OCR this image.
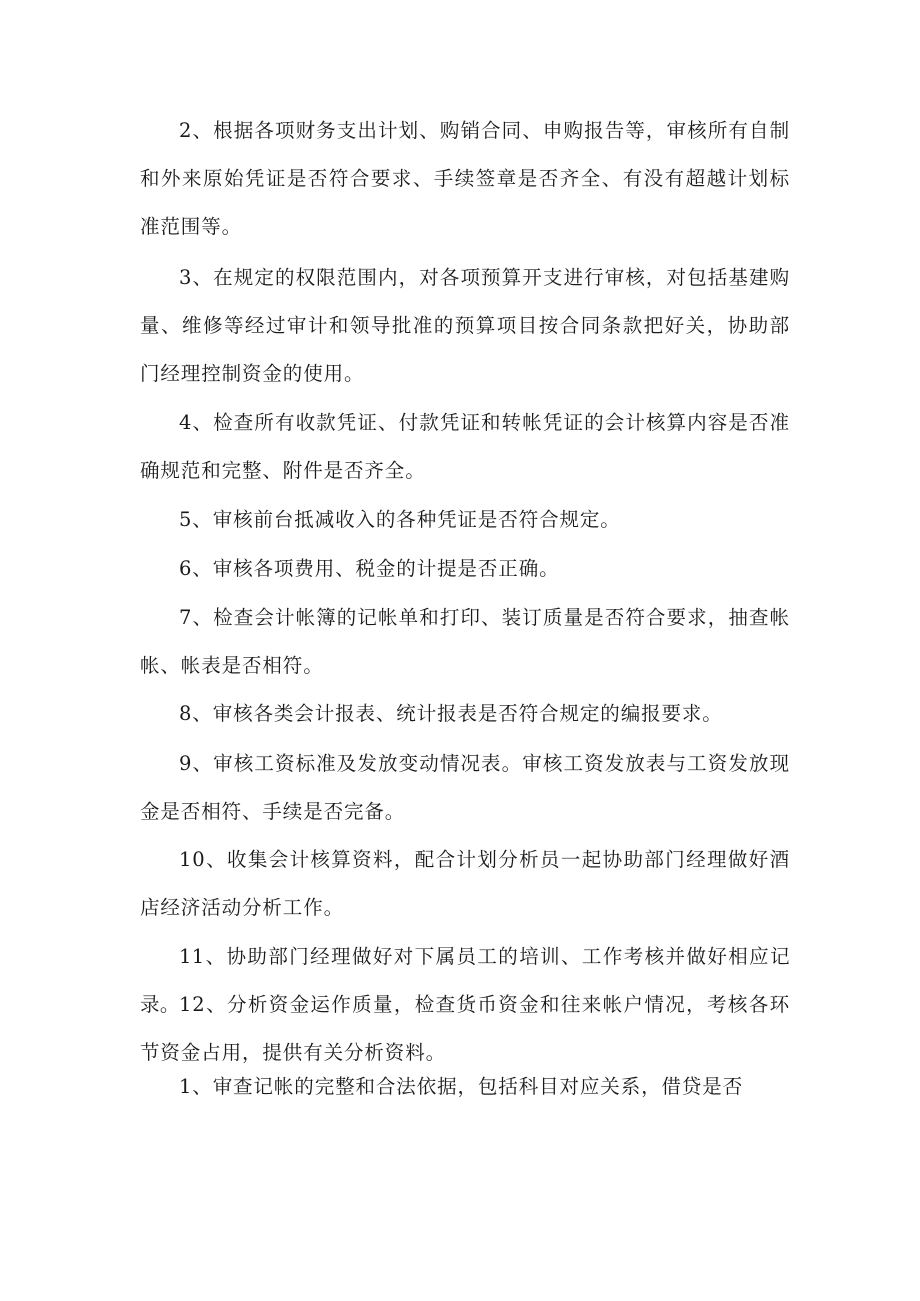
2、根据各项财务支出计划、购销合同、申购报告等，审核所有自制和外来原始凭证是否符合要求、手续签章是否齐全、有没有超越计划标准范围等。

3、在规定的权限范围内，对各项预算开支进行审核，对包括基建购量、维修等经过审计和领导批准的预算项目按合同条款把好关，协助部门经理控制资金的使用。

4、检查所有收款凭证、付款凭证和转帐凭证的会计核算内容是否准确规范和完整、附件是否齐全。

5、审核前台抵减收入的各种凭证是否符合规定。

6、审核各项费用、税金的计提是否正确。

7、检查会计帐簿的记帐单和打印、装订质量是否符合要求，抽查帐帐、帐表是否相符。

8、审核各类会计报表、统计报表是否符合规定的编报要求。

9、审核工资标准及发放变动情况表。审核工资发放表与工资发放现金是否相符、手续是否完备。

10、收集会计核算资料，配合计划分析员一起协助部门经理做好酒店经济活动分析工作。

11、协助部门经理做好对下属员工的培训、工作考核并做好相应记录。 12、分析资金运作质量，检查货币资金和往来帐户情况，考核各环节资金占用，提供有关分析资料。

1、审查记帐的完整和合法依据，包括科目对应关系，借贷是否
